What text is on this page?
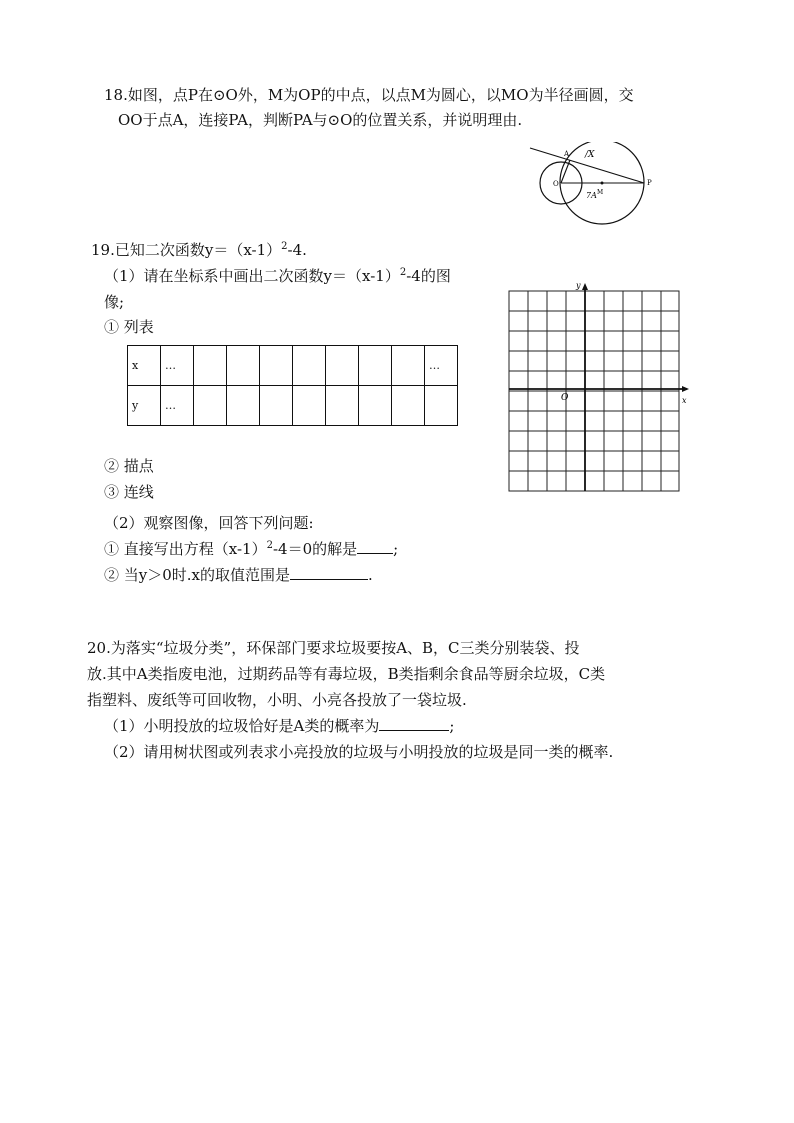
18.如图，点P在⊙O外，M为OP的中点，以点M为圆心，以MO为半径画圆，交
OO于点A，连接PA，判断PA与⊙O的位置关系，并说明理由.
A /X
O	P
7A M
19.已知二次函数$y=(x-1)^2-4$.
（1）请在坐标系中画出二次函数$y=(x-1)^2-4$的图
像;
① 列表
x	…								…
y	…								
② 描点
③ 连线
（2）观察图像，回答下列问题:
① 直接写出方程$(x-1)^2-4=0$的解是 ;
② 当y＞0时.x的取值范围是	.
y
x
O
20.为落实“垃圾分类”，环保部门要求垃圾要按A、B，C三类分别装袋、投
放.其中A类指废电池，过期药品等有毒垃圾，B类指剩余食品等厨余垃圾，C类
指塑料、废纸等可回收物，小明、小亮各投放了一袋垃圾.
（1）小明投放的垃圾恰好是A类的概率为	;
（2）请用树状图或列表求小亮投放的垃圾与小明投放的垃圾是同一类的概率.
